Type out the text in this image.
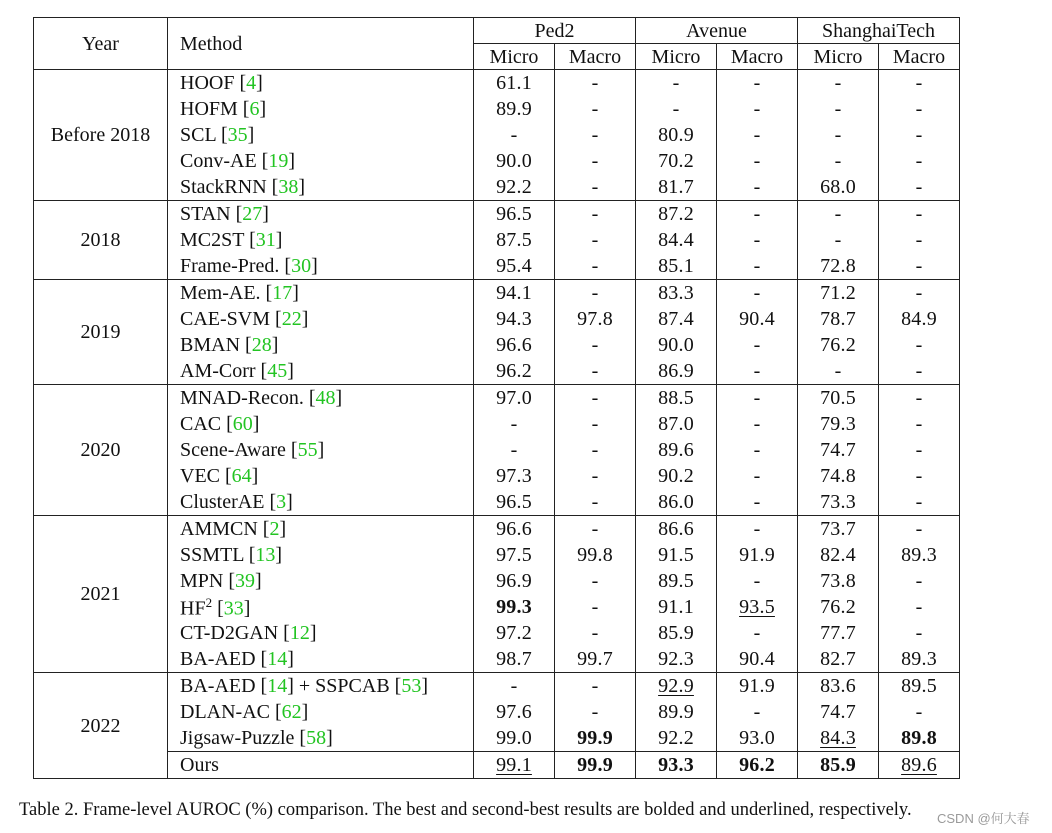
Year	Method	Ped2		Avenue		ShanghaiTech	
		Micro	Macro	Micro	Macro	Micro	Macro
Before 2018	HOOF [4]	61.1	-	-	-	-	-
	HOFM [6]	89.9	-	-	-	-	-
	SCL [35]	-	-	80.9	-	-	-
	Conv-AE [19]	90.0	-	70.2	-	-	-
	StackRNN [38]	92.2	-	81.7	-	68.0	-
2018	STAN [27]	96.5	-	87.2	-	-	-
	MC2ST [31]	87.5	-	84.4	-	-	-
	Frame-Pred. [30]	95.4	-	85.1	-	72.8	-
2019	Mem-AE. [17]	94.1	-	83.3	-	71.2	-
	CAE-SVM [22]	94.3	97.8	87.4	90.4	78.7	84.9
	BMAN [28]	96.6	-	90.0	-	76.2	-
	AM-Corr [45]	96.2	-	86.9	-	-	-
2020	MNAD-Recon. [48]	97.0	-	88.5	-	70.5	-
	CAC [60]	-	-	87.0	-	79.3	-
	Scene-Aware [55]	-	-	89.6	-	74.7	-
	VEC [64]	97.3	-	90.2	-	74.8	-
	ClusterAE [3]	96.5	-	86.0	-	73.3	-
2021	AMMCN [2]	96.6	-	86.6	-	73.7	-
	SSMTL [13]	97.5	99.8	91.5	91.9	82.4	89.3
	MPN [39]	96.9	-	89.5	-	73.8	-
	$HF^2$ [33]	99.3	-	91.1	93.5	76.2	-
	CT-D2GAN [12]	97.2	-	85.9	-	77.7	-
	BA-AED [14]	98.7	99.7	92.3	90.4	82.7	89.3
2022	BA-AED [14] + SSPCAB [53]	-	-	92.9	91.9	83.6	89.5
	DLAN-AC [62]	97.6	-	89.9	-	74.7	-
	Jigsaw-Puzzle [58]	99.0	99.9	92.2	93.0	84.3	89.8
	Ours	99.1	99.9	93.3	96.2	85.9	89.6
Table 2. Frame-level AUROC (%) comparison. The best and second-best results are bolded and underlined, respectively. CSDN @何大春
